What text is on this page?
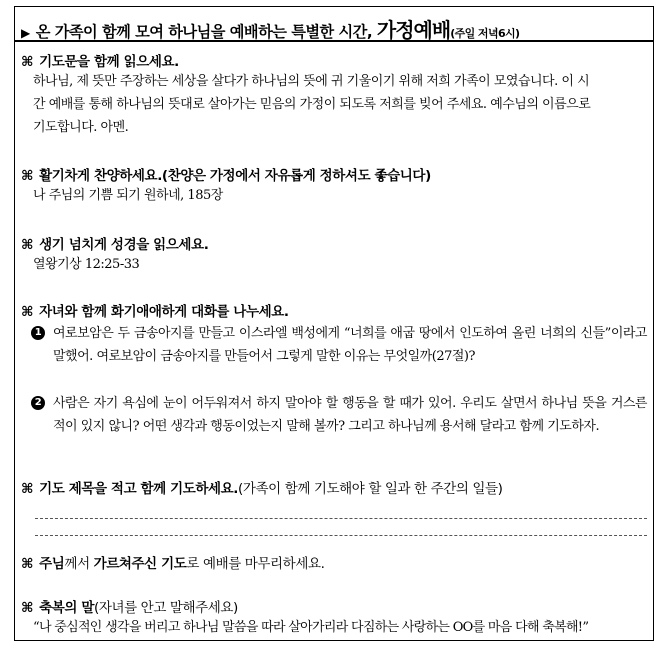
▶ 온 가족이 함께 모여 하나님을 예배하는 특별한 시간, 가정예배(주일 저녁6시)
⌘ 기도문을 함께 읽으세요.
하나님, 제 뜻만 주장하는 세상을 살다가 하나님의 뜻에 귀 기울이기 위해 저희 가족이 모였습니다. 이 시
간 예배를 통해 하나님의 뜻대로 살아가는 믿음의 가정이 되도록 저희를 빚어 주세요. 예수님의 이름으로
기도합니다. 아멘.
⌘ 활기차게 찬양하세요.(찬양은 가정에서 자유롭게 정하셔도 좋습니다)
나 주님의 기쁨 되기 원하네, 185장
⌘ 생기 넘치게 성경을 읽으세요.
열왕기상 12:25-33
⌘ 자녀와 함께 화기애애하게 대화를 나누세요.
1 여로보암은 두 금송아지를 만들고 이스라엘 백성에게 “너희를 애굽 땅에서 인도하여 올린 너희의 신들”이라고 말했어. 여로보암이 금송아지를 만들어서 그렇게 말한 이유는 무엇일까(27절)?
2 사람은 자기 욕심에 눈이 어두워져서 하지 말아야 할 행동을 할 때가 있어. 우리도 살면서 하나님 뜻을 거스른 적이 있지 않니? 어떤 생각과 행동이었는지 말해 볼까? 그리고 하나님께 용서해 달라고 함께 기도하자.
⌘ 기도 제목을 적고 함께 기도하세요.(가족이 함께 기도해야 할 일과 한 주간의 일들)
⌘ 주님께서 가르쳐주신 기도로 예배를 마무리하세요.
⌘ 축복의 말(자녀를 안고 말해주세요)
“나 중심적인 생각을 버리고 하나님 말씀을 따라 살아가리라 다짐하는 사랑하는 OO를 마음 다해 축복해!”
